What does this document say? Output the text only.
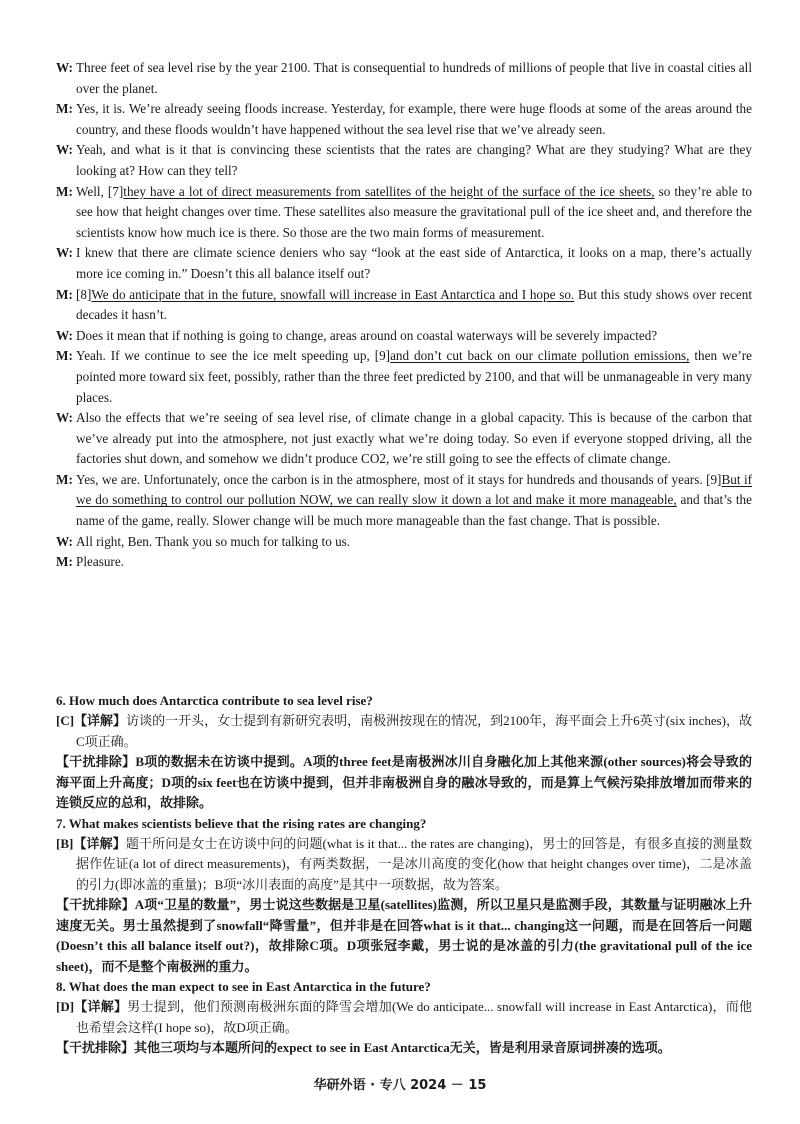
W: Three feet of sea level rise by the year 2100. That is consequential to hundreds of millions of people that live in coastal cities all over the planet.
M: Yes, it is. We’re already seeing floods increase. Yesterday, for example, there were huge floods at some of the areas around the country, and these floods wouldn’t have happened without the sea level rise that we’ve already seen.
W: Yeah, and what is it that is convincing these scientists that the rates are changing? What are they studying? What are they looking at? How can they tell?
M: Well, [7]they have a lot of direct measurements from satellites of the height of the surface of the ice sheets, so they’re able to see how that height changes over time. These satellites also measure the gravitational pull of the ice sheet and, and therefore the scientists know how much ice is there. So those are the two main forms of measurement.
W: I knew that there are climate science deniers who say “look at the east side of Antarctica, it looks on a map, there’s actually more ice coming in.” Doesn’t this all balance itself out?
M: [8]We do anticipate that in the future, snowfall will increase in East Antarctica and I hope so. But this study shows over recent decades it hasn’t.
W: Does it mean that if nothing is going to change, areas around on coastal waterways will be severely impacted?
M: Yeah. If we continue to see the ice melt speeding up, [9]and don’t cut back on our climate pollution emissions, then we’re pointed more toward six feet, possibly, rather than the three feet predicted by 2100, and that will be unmanageable in very many places.
W: Also the effects that we’re seeing of sea level rise, of climate change in a global capacity. This is because of the carbon that we’ve already put into the atmosphere, not just exactly what we’re doing today. So even if everyone stopped driving, all the factories shut down, and somehow we didn’t produce CO2, we’re still going to see the effects of climate change.
M: Yes, we are. Unfortunately, once the carbon is in the atmosphere, most of it stays for hundreds and thousands of years. [9]But if we do something to control our pollution NOW, we can really slow it down a lot and make it more manageable, and that’s the name of the game, really. Slower change will be much more manageable than the fast change. That is possible.
W: All right, Ben. Thank you so much for talking to us.
M: Pleasure.
6. How much does Antarctica contribute to sea level rise?
[C]【详解】访谈的一开头，女士提到有新研究表明，南极洲按现在的情况，到2100年，海平面会上升6英寸(six inches)，故C项正确。
【干扰排除】B项的数据未在访谈中提到。A项的three feet是南极洲冰川自身融化加上其他来源(other sources)将会导致的海平面上升高度；D项的six feet也在访谈中提到，但并非南极洲自身的融冰导致的，而是算上气候污染排放增加而带来的连锁反应的总和，故排除。
7. What makes scientists believe that the rising rates are changing?
[B]【详解】题干所问是女士在访谈中问的问题(what is it that... the rates are changing)，男士的回答是，有很多直接的测量数据作佐证(a lot of direct measurements)，有两类数据，一是冰川高度的变化(how that height changes over time)，二是冰盖的引力(即冰盖的重量)；B项“冰川表面的高度”是其中一项数据，故为答案。
【干扰排除】A项“卫星的数量”，男士说这些数据是卫星(satellites)监测，所以卫星只是监测手段，其数量与证明融冰上升速度无关。男士虽然提到了snowfall“降雪量”，但并非是在回答what is it that... changing这一问题，而是在回答后一问题(Doesn’t this all balance itself out?)，故排除C项。D项张冠李戴，男士说的是冰盖的引力(the gravitational pull of the ice sheet)，而不是整个南极洲的重力。
8. What does the man expect to see in East Antarctica in the future?
[D]【详解】男士提到，他们预测南极洲东面的降雪会增加(We do anticipate... snowfall will increase in East Antarctica)，而他也希望会这样(I hope so)，故D项正确。
【干扰排除】其他三项均与本题所问的expect to see in East Antarctica无关，皆是利用录音原词拼凑的选项。
华研外语 · 专八 2024 － 15
